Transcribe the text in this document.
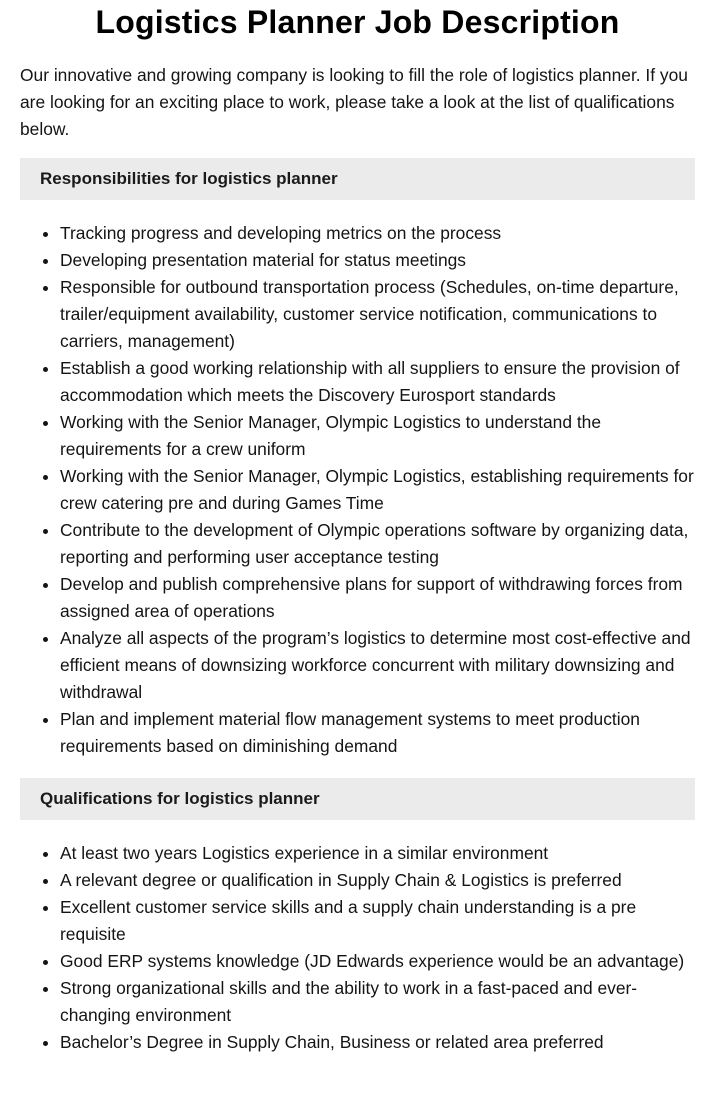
Logistics Planner Job Description

Our innovative and growing company is looking to fill the role of logistics planner. If you are looking for an exciting place to work, please take a look at the list of qualifications below.

Responsibilities for logistics planner
• Tracking progress and developing metrics on the process
• Developing presentation material for status meetings
• Responsible for outbound transportation process (Schedules, on-time departure, trailer/equipment availability, customer service notification, communications to carriers, management)
• Establish a good working relationship with all suppliers to ensure the provision of accommodation which meets the Discovery Eurosport standards
• Working with the Senior Manager, Olympic Logistics to understand the requirements for a crew uniform
• Working with the Senior Manager, Olympic Logistics, establishing requirements for crew catering pre and during Games Time
• Contribute to the development of Olympic operations software by organizing data, reporting and performing user acceptance testing
• Develop and publish comprehensive plans for support of withdrawing forces from assigned area of operations
• Analyze all aspects of the program’s logistics to determine most cost-effective and efficient means of downsizing workforce concurrent with military downsizing and withdrawal
• Plan and implement material flow management systems to meet production requirements based on diminishing demand
Qualifications for logistics planner
• At least two years Logistics experience in a similar environment
• A relevant degree or qualification in Supply Chain & Logistics is preferred
• Excellent customer service skills and a supply chain understanding is a pre requisite
• Good ERP systems knowledge (JD Edwards experience would be an advantage)
• Strong organizational skills and the ability to work in a fast-paced and ever-changing environment
• Bachelor’s Degree in Supply Chain, Business or related area preferred
